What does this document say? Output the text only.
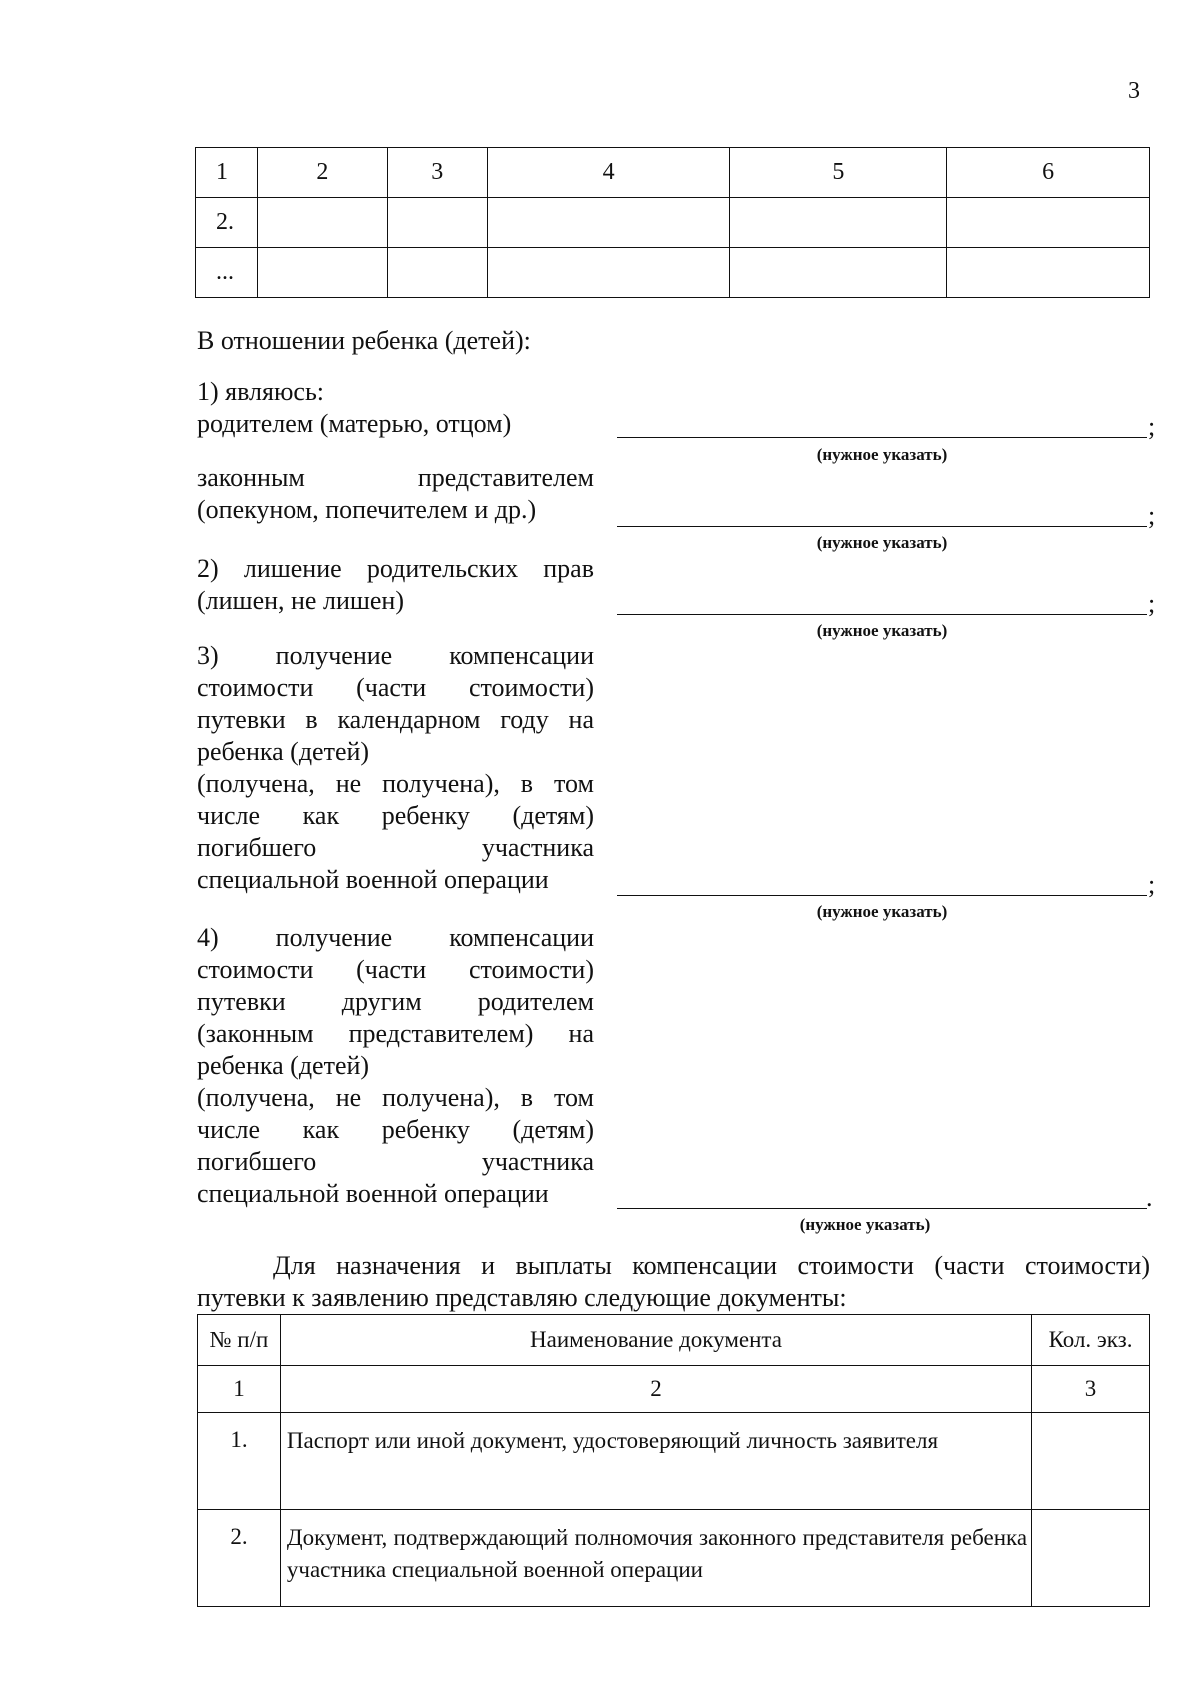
3
1	2	3	4	5	6
2.					
...					
В отношении ребенка (детей):
1) являюсь:
родителем (матерью, отцом)	;
(нужное указать)
законным представителем
(опекуном, попечителем и др.)	;
(нужное указать)
2) лишение родительских прав
(лишен, не лишен)	;
(нужное указать)
3) получение компенсации
стоимости (части стоимости)
путевки в календарном году на
ребенка (детей)
(получена, не получена), в том
числе как ребенку (детям)
погибшего участника
специальной военной операции	;
(нужное указать)
4) получение компенсации
стоимости (части стоимости)
путевки другим родителем
(законным представителем) на
ребенка (детей)
(получена, не получена), в том
числе как ребенку (детям)
погибшего участника
специальной военной операции	.
(нужное указать)
Для назначения и выплаты компенсации стоимости (части стоимости)
путевки к заявлению представляю следующие документы:
№ п/п	Наименование документа	Кол. экз.
1	2	3
1.	Паспорт или иной документ, удостоверяющий личность заявителя	

2.	Документ, подтверждающий полномочия законного представителя ребенка участника специальной военной операции	
